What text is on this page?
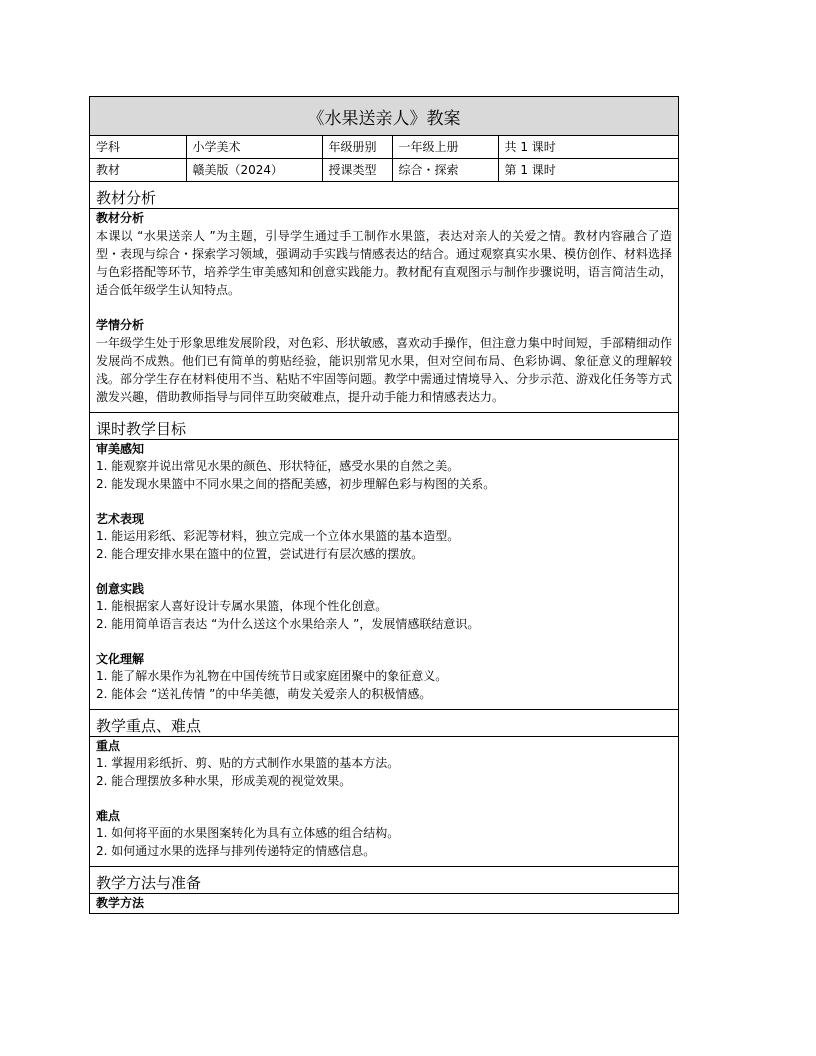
《水果送亲人》教案
学科	小学美术	年级册别	一年级上册	共 1 课时
教材	赣美版（2024）	授课类型	综合・探索	第 1 课时
教材分析
教材分析

本课以 “水果送亲人 ”为主题，引导学生通过手工制作水果篮，表达对亲人的关爱之情。教材内容融合了造型・表现与综合・探索学习领域，强调动手实践与情感表达的结合。通过观察真实水果、模仿创作、材料选择与色彩搭配等环节，培养学生审美感知和创意实践能力。教材配有直观图示与制作步骤说明，语言简洁生动，适合低年级学生认知特点。

学情分析

一年级学生处于形象思维发展阶段，对色彩、形状敏感，喜欢动手操作，但注意力集中时间短，手部精细动作发展尚不成熟。他们已有简单的剪贴经验，能识别常见水果，但对空间布局、色彩协调、象征意义的理解较浅。部分学生存在材料使用不当、粘贴不牢固等问题。教学中需通过情境导入、分步示范、游戏化任务等方式激发兴趣，借助教师指导与同伴互助突破难点，提升动手能力和情感表达力。

课时教学目标
审美感知
1. 能观察并说出常见水果的颜色、形状特征，感受水果的自然之美。
2. 能发现水果篮中不同水果之间的搭配美感，初步理解色彩与构图的关系。
艺术表现
1. 能运用彩纸、彩泥等材料，独立完成一个立体水果篮的基本造型。
2. 能合理安排水果在篮中的位置，尝试进行有层次感的摆放。
创意实践
1. 能根据家人喜好设计专属水果篮，体现个性化创意。
2. 能用简单语言表达 “为什么送这个水果给亲人 ”，发展情感联结意识。
文化理解
1. 能了解水果作为礼物在中国传统节日或家庭团聚中的象征意义。
2. 能体会 “送礼传情 ”的中华美德，萌发关爱亲人的积极情感。
教学重点、难点
重点
1. 掌握用彩纸折、剪、贴的方式制作水果篮的基本方法。
2. 能合理摆放多种水果，形成美观的视觉效果。
难点
1. 如何将平面的水果图案转化为具有立体感的组合结构。
2. 如何通过水果的选择与排列传递特定的情感信息。
教学方法与准备
教学方法
